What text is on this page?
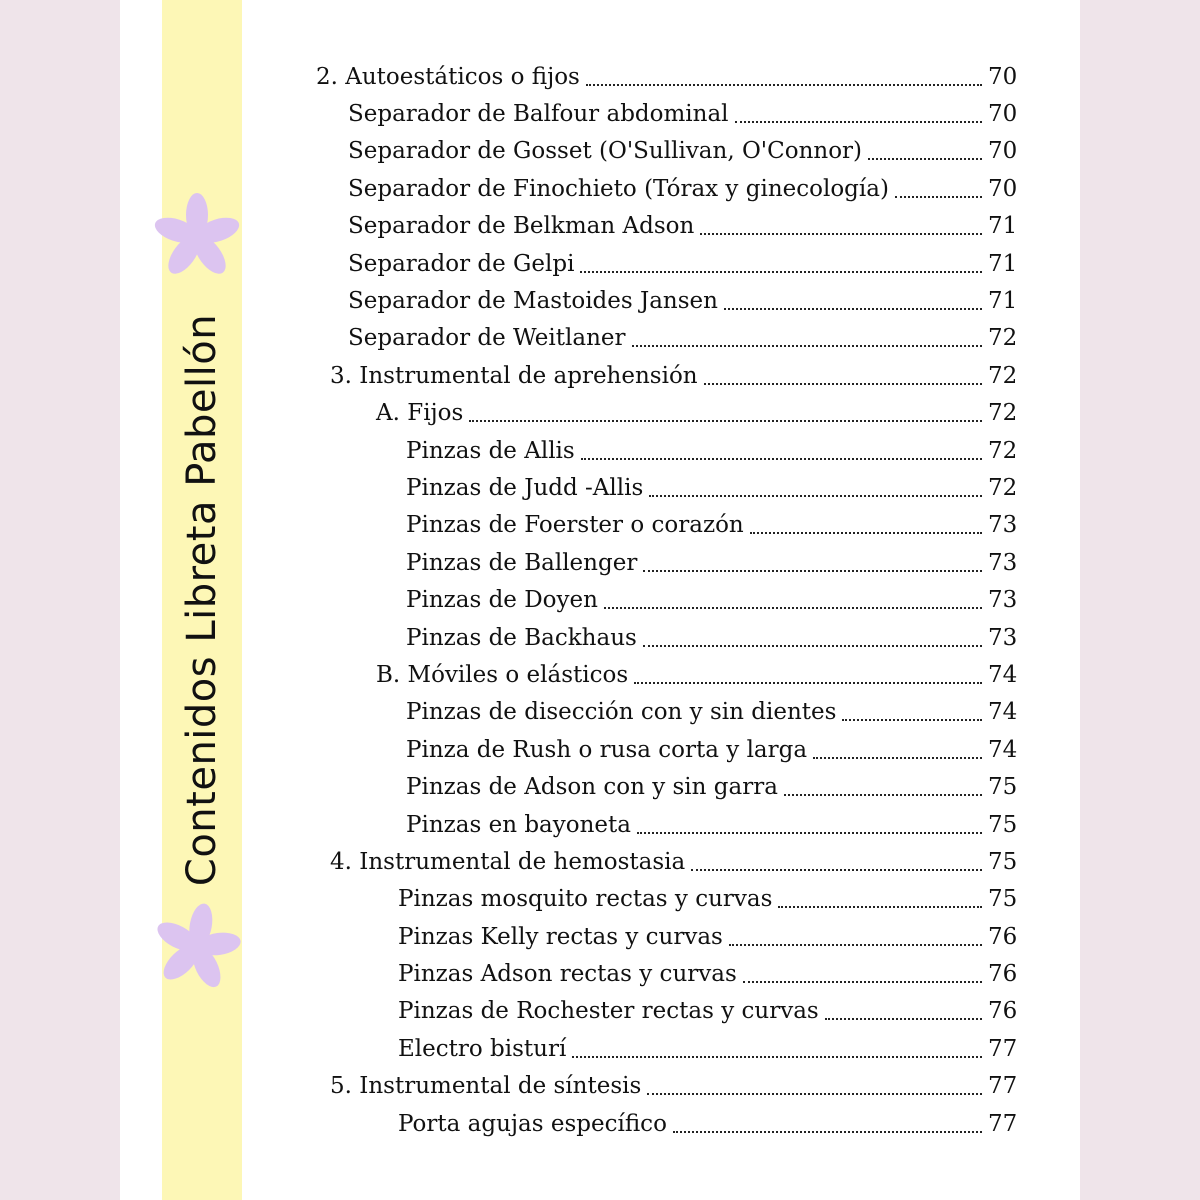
Contenidos Libreta Pabellón
2. Autoestáticos o fijos	70
Separador de Balfour abdominal	70
Separador de Gosset (O'Sullivan, O'Connor)	70
Separador de Finochieto (Tórax y ginecología)	70
Separador de Belkman Adson	71
Separador de Gelpi	71
Separador de Mastoides Jansen	71
Separador de Weitlaner	72
3. Instrumental de aprehensión	72
A. Fijos	72
Pinzas de Allis	72
Pinzas de Judd -Allis	72
Pinzas de Foerster o corazón	73
Pinzas de Ballenger	73
Pinzas de Doyen	73
Pinzas de Backhaus	73
B. Móviles o elásticos	74
Pinzas de disección con y sin dientes	74
Pinza de Rush o rusa corta y larga	74
Pinzas de Adson con y sin garra	75
Pinzas en bayoneta	75
4. Instrumental de hemostasia	75
Pinzas mosquito rectas y curvas	75
Pinzas Kelly rectas y curvas	76
Pinzas Adson rectas y curvas	76
Pinzas de Rochester rectas y curvas	76
Electro bisturí	77
5. Instrumental de síntesis	77
Porta agujas específico	77
